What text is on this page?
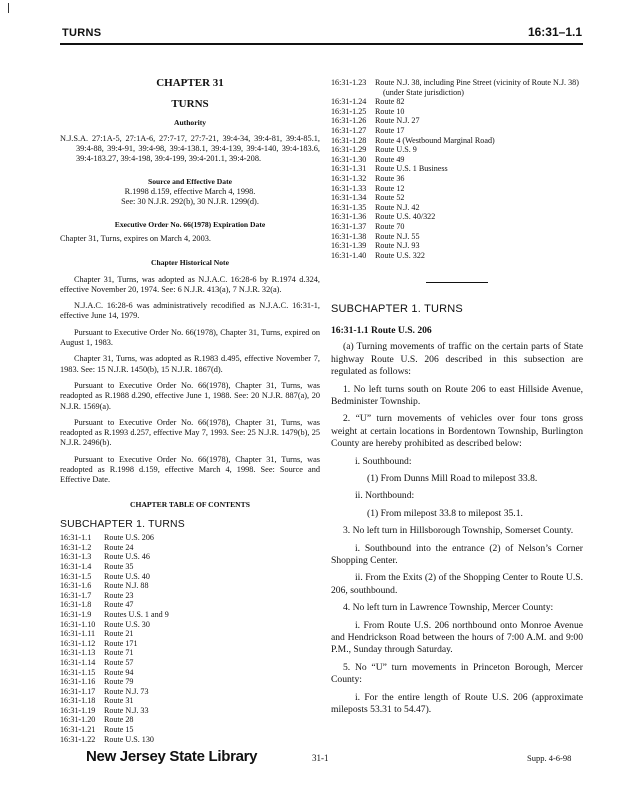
TURNS	16:31–1.1
CHAPTER 31
TURNS
Authority
N.J.S.A. 27:1A-5, 27:1A-6, 27:7-17, 27:7-21, 39:4-34, 39:4-81, 39:4-85.1, 39:4-88, 39:4-91, 39:4-98, 39:4-138.1, 39:4-139, 39:4-140, 39:4-183.6, 39:4-183.27, 39:4-198, 39:4-199, 39:4-201.1, 39:4-208.
Source and Effective Date
R.1998 d.159, effective March 4, 1998.
See: 30 N.J.R. 292(b), 30 N.J.R. 1299(d).
Executive Order No. 66(1978) Expiration Date
Chapter 31, Turns, expires on March 4, 2003.
Chapter Historical Note
Chapter 31, Turns, was adopted as N.J.A.C. 16:28-6 by R.1974 d.324, effective November 20, 1974. See: 6 N.J.R. 413(a), 7 N.J.R. 32(a).
N.J.A.C. 16:28-6 was administratively recodified as N.J.A.C. 16:31-1, effective June 14, 1979.
Pursuant to Executive Order No. 66(1978), Chapter 31, Turns, expired on August 1, 1983.
Chapter 31, Turns, was adopted as R.1983 d.495, effective November 7, 1983. See: 15 N.J.R. 1450(b), 15 N.J.R. 1867(d).
Pursuant to Executive Order No. 66(1978), Chapter 31, Turns, was readopted as R.1988 d.290, effective June 1, 1988. See: 20 N.J.R. 887(a), 20 N.J.R. 1569(a).
Pursuant to Executive Order No. 66(1978), Chapter 31, Turns, was readopted as R.1993 d.257, effective May 7, 1993. See: 25 N.J.R. 1479(b), 25 N.J.R. 2496(b).
Pursuant to Executive Order No. 66(1978), Chapter 31, Turns, was readopted as R.1998 d.159, effective March 4, 1998. See: Source and Effective Date.
CHAPTER TABLE OF CONTENTS
SUBCHAPTER 1. TURNS
16:31-1.1	Route U.S. 206
16:31-1.2	Route 24
16:31-1.3	Route U.S. 46
16:31-1.4	Route 35
16:31-1.5	Route U.S. 40
16:31-1.6	Route N.J. 88
16:31-1.7	Route 23
16:31-1.8	Route 47
16:31-1.9	Routes U.S. 1 and 9
16:31-1.10	Route U.S. 30
16:31-1.11	Route 21
16:31-1.12	Route 171
16:31-1.13	Route 71
16:31-1.14	Route 57
16:31-1.15	Route 94
16:31-1.16	Route 79
16:31-1.17	Route N.J. 73
16:31-1.18	Route 31
16:31-1.19	Route N.J. 33
16:31-1.20	Route 28
16:31-1.21	Route 15
16:31-1.22	Route U.S. 130
16:31-1.23	Route N.J. 38, including Pine Street (vicinity of Route N.J. 38) (under State jurisdiction)
16:31-1.24	Route 82
16:31-1.25	Route 10
16:31-1.26	Route N.J. 27
16:31-1.27	Route 17
16:31-1.28	Route 4 (Westbound Marginal Road)
16:31-1.29	Route U.S. 9
16:31-1.30	Route 49
16:31-1.31	Route U.S. 1 Business
16:31-1.32	Route 36
16:31-1.33	Route 12
16:31-1.34	Route 52
16:31-1.35	Route N.J. 42
16:31-1.36	Route U.S. 40/322
16:31-1.37	Route 70
16:31-1.38	Route N.J. 55
16:31-1.39	Route N.J. 93
16:31-1.40	Route U.S. 322
SUBCHAPTER 1. TURNS
16:31-1.1 Route U.S. 206
(a) Turning movements of traffic on the certain parts of State highway Route U.S. 206 described in this subsection are regulated as follows:
1. No left turns south on Route 206 to east Hillside Avenue, Bedminister Township.
2. “U” turn movements of vehicles over four tons gross weight at certain locations in Bordentown Township, Burlington County are hereby prohibited as described below:
i. Southbound:
(1) From Dunns Mill Road to milepost 33.8.
ii. Northbound:
(1) From milepost 33.8 to milepost 35.1.
3. No left turn in Hillsborough Township, Somerset County.
i. Southbound into the entrance (2) of Nelson’s Corner Shopping Center.
ii. From the Exits (2) of the Shopping Center to Route U.S. 206, southbound.
4. No left turn in Lawrence Township, Mercer County:
i. From Route U.S. 206 northbound onto Monroe Avenue and Hendrickson Road between the hours of 7:00 A.M. and 9:00 P.M., Sunday through Saturday.
5. No “U” turn movements in Princeton Borough, Mercer County:
i. For the entire length of Route U.S. 206 (approximate mileposts 53.31 to 54.47).
New Jersey State Library	31-1	Supp. 4-6-98
